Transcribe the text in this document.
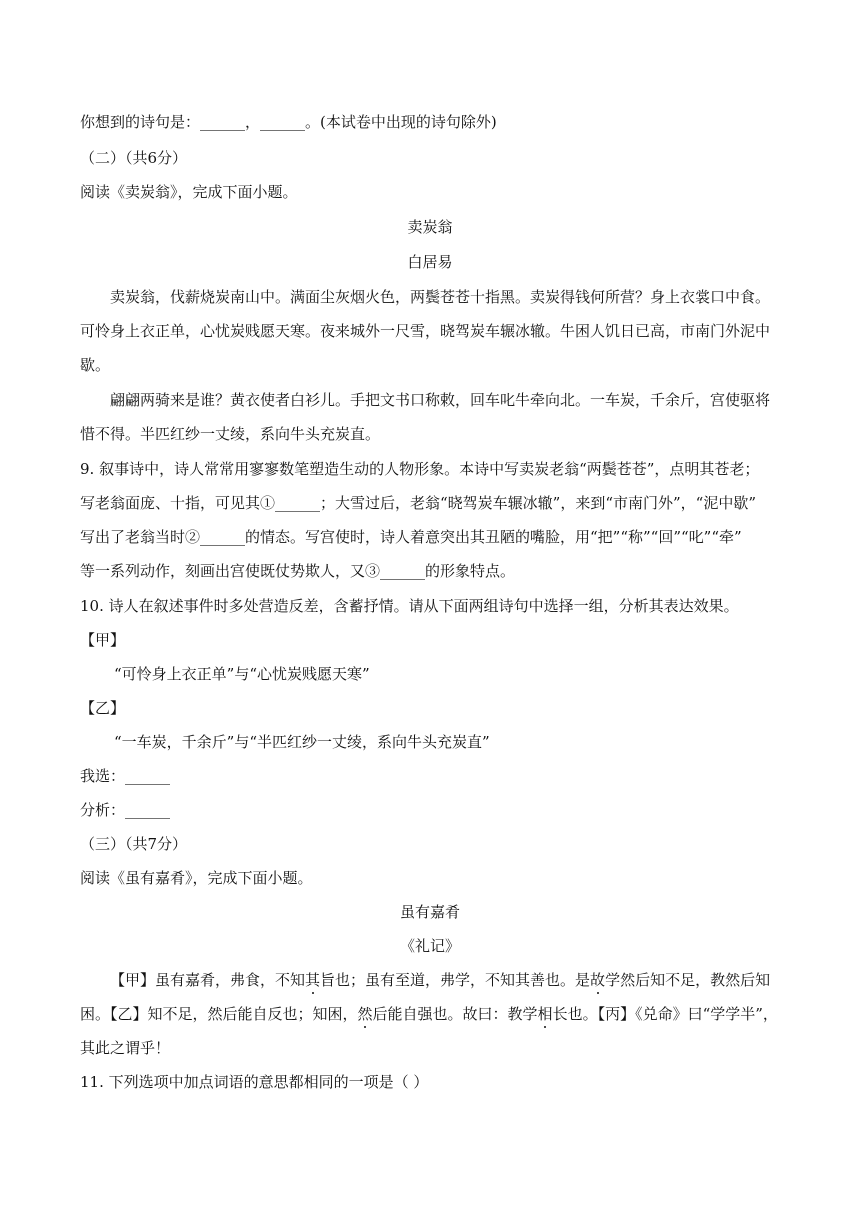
你想到的诗句是：______，______。(本试卷中出现的诗句除外)
（二）（共6分）
阅读《卖炭翁》，完成下面小题。
卖炭翁
白居易
卖炭翁，伐薪烧炭南山中。满面尘灰烟火色，两鬓苍苍十指黑。卖炭得钱何所营？身上衣裳口中食。
可怜身上衣正单，心忧炭贱愿天寒。夜来城外一尺雪，晓驾炭车辗冰辙。牛困人饥日已高，市南门外泥中
歇。
翩翩两骑来是谁？黄衣使者白衫儿。手把文书口称敕，回车叱牛牵向北。一车炭，千余斤，宫使驱将
惜不得。半匹红纱一丈绫，系向牛头充炭直。
9. 叙事诗中，诗人常常用寥寥数笔塑造生动的人物形象。本诗中写卖炭老翁“两鬓苍苍”，点明其苍老；
写老翁面庞、十指，可见其①______；大雪过后，老翁“晓驾炭车辗冰辙”，来到“市南门外”，“泥中歇”
写出了老翁当时②______的情态。写宫使时，诗人着意突出其丑陋的嘴脸，用“把”“称”“回”“叱”“牵”
等一系列动作，刻画出宫使既仗势欺人，又③______的形象特点。
10. 诗人在叙述事件时多处营造反差，含蓄抒情。请从下面两组诗句中选择一组，分析其表达效果。
【甲】
“可怜身上衣正单”与“心忧炭贱愿天寒”
【乙】
“一车炭，千余斤”与“半匹红纱一丈绫，系向牛头充炭直”
我选：______
分析：______
（三）（共7分）
阅读《虽有嘉肴》，完成下面小题。
虽有嘉肴
《礼记》
【甲】虽有嘉肴，弗食，不知其旨也；虽有至道，弗学，不知其善也。是故学然后知不足，教然后知
困。【乙】知不足，然后能自反也；知困，然后能自强也。故曰：教学相长也。【丙】《兑命》曰“学学半”，
其此之谓乎！
11. 下列选项中加点词语的意思都相同的一项是（ ）
